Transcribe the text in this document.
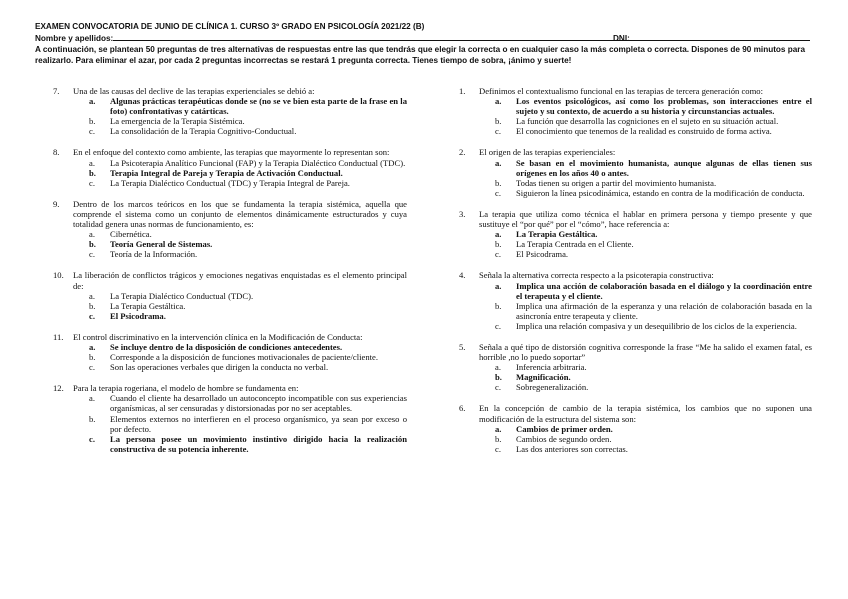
EXAMEN CONVOCATORIA DE JUNIO DE CLÍNICA 1. CURSO 3º GRADO EN PSICOLOGÍA 2021/22 (B)
Nombre y apellidos:	DNI:
A continuación, se plantean 50 preguntas de tres alternativas de respuestas entre las que tendrás que elegir la correcta o en cualquier caso la más completa o correcta. Dispones de 90 minutos para realizarlo. Para eliminar el azar, por cada 2 preguntas incorrectas se restará 1 pregunta correcta. Tienes tiempo de sobra, ¡ánimo y suerte!
7. Una de las causas del declive de las terapias experienciales se debió a:
a. Algunas prácticas terapéuticas donde se (no se ve bien esta parte de la frase en la foto) confrontativas y catárticas.
b. La emergencia de la Terapia Sistémica.
c. La consolidación de la Terapia Cognitivo-Conductual.
8. En el enfoque del contexto como ambiente, las terapias que mayormente lo representan son:
a. La Psicoterapia Analítico Funcional (FAP) y la Terapia Dialéctico Conductual (TDC).
b. Terapia Integral de Pareja y Terapia de Activación Conductual.
c. La Terapia Dialéctico Conductual (TDC) y Terapia Integral de Pareja.
9. Dentro de los marcos teóricos en los que se fundamenta la terapia sistémica, aquella que comprende el sistema como un conjunto de elementos dinámicamente estructurados y cuya totalidad genera unas normas de funcionamiento, es:
a. Cibernética.
b. Teoría General de Sistemas.
c. Teoría de la Información.
10. La liberación de conflictos trágicos y emociones negativas enquistadas es el elemento principal de:
a. La Terapia Dialéctico Conductual (TDC).
b. La Terapia Gestáltica.
c. El Psicodrama.
11. El control discriminativo en la intervención clínica en la Modificación de Conducta:
a. Se incluye dentro de la disposición de condiciones antecedentes.
b. Corresponde a la disposición de funciones motivacionales de paciente/cliente.
c. Son las operaciones verbales que dirigen la conducta no verbal.
12. Para la terapia rogeriana, el modelo de hombre se fundamenta en:
a. Cuando el cliente ha desarrollado un autoconcepto incompatible con sus experiencias organísmicas, al ser censuradas y distorsionadas por no ser aceptables.
b. Elementos externos no interfieren en el proceso organísmico, ya sean por exceso o por defecto.
c. La persona posee un movimiento instintivo dirigido hacia la realización constructiva de su potencia inherente.
1. Definimos el contextualismo funcional en las terapias de tercera generación como:
a. Los eventos psicológicos, así como los problemas, son interacciones entre el sujeto y su contexto, de acuerdo a su historia y circunstancias actuales.
b. La función que desarrolla las cogniciones en el sujeto en su situación actual.
c. El conocimiento que tenemos de la realidad es construido de forma activa.
2. El origen de las terapias experienciales:
a. Se basan en el movimiento humanista, aunque algunas de ellas tienen sus orígenes en los años 40 o antes.
b. Todas tienen su origen a partir del movimiento humanista.
c. Siguieron la línea psicodinámica, estando en contra de la modificación de conducta.
3. La terapia que utiliza como técnica el hablar en primera persona y tiempo presente y que sustituye el “por qué” por el “cómo”, hace referencia a:
a. La Terapia Gestáltica.
b. La Terapia Centrada en el Cliente.
c. El Psicodrama.
4. Señala la alternativa correcta respecto a la psicoterapia constructiva:
a. Implica una acción de colaboración basada en el diálogo y la coordinación entre el terapeuta y el cliente.
b. Implica una afirmación de la esperanza y una relación de colaboración basada en la asincronía entre terapeuta y cliente.
c. Implica una relación compasiva y un desequilibrio de los ciclos de la experiencia.
5. Señala a qué tipo de distorsión cognitiva corresponde la frase “Me ha salido el examen fatal, es horrible ,no lo puedo soportar”
a. Inferencia arbitraria.
b. Magnificación.
c. Sobregeneralización.
6. En la concepción de cambio de la terapia sistémica, los cambios que no suponen una modificación de la estructura del sistema son:
a. Cambios de primer orden.
b. Cambios de segundo orden.
c. Las dos anteriores son correctas.
